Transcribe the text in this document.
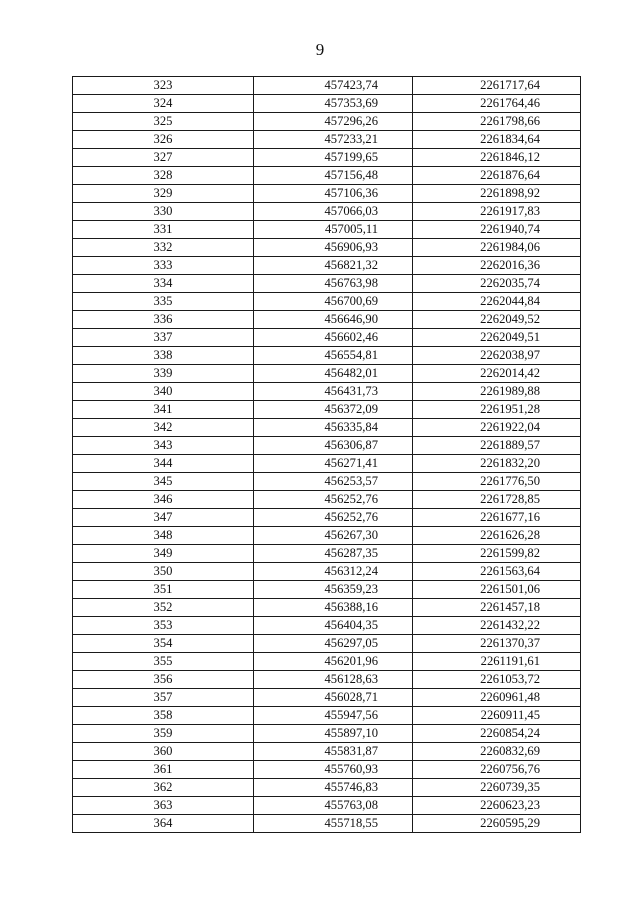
9
323	457423,74	2261717,64
324	457353,69	2261764,46
325	457296,26	2261798,66
326	457233,21	2261834,64
327	457199,65	2261846,12
328	457156,48	2261876,64
329	457106,36	2261898,92
330	457066,03	2261917,83
331	457005,11	2261940,74
332	456906,93	2261984,06
333	456821,32	2262016,36
334	456763,98	2262035,74
335	456700,69	2262044,84
336	456646,90	2262049,52
337	456602,46	2262049,51
338	456554,81	2262038,97
339	456482,01	2262014,42
340	456431,73	2261989,88
341	456372,09	2261951,28
342	456335,84	2261922,04
343	456306,87	2261889,57
344	456271,41	2261832,20
345	456253,57	2261776,50
346	456252,76	2261728,85
347	456252,76	2261677,16
348	456267,30	2261626,28
349	456287,35	2261599,82
350	456312,24	2261563,64
351	456359,23	2261501,06
352	456388,16	2261457,18
353	456404,35	2261432,22
354	456297,05	2261370,37
355	456201,96	2261191,61
356	456128,63	2261053,72
357	456028,71	2260961,48
358	455947,56	2260911,45
359	455897,10	2260854,24
360	455831,87	2260832,69
361	455760,93	2260756,76
362	455746,83	2260739,35
363	455763,08	2260623,23
364	455718,55	2260595,29
